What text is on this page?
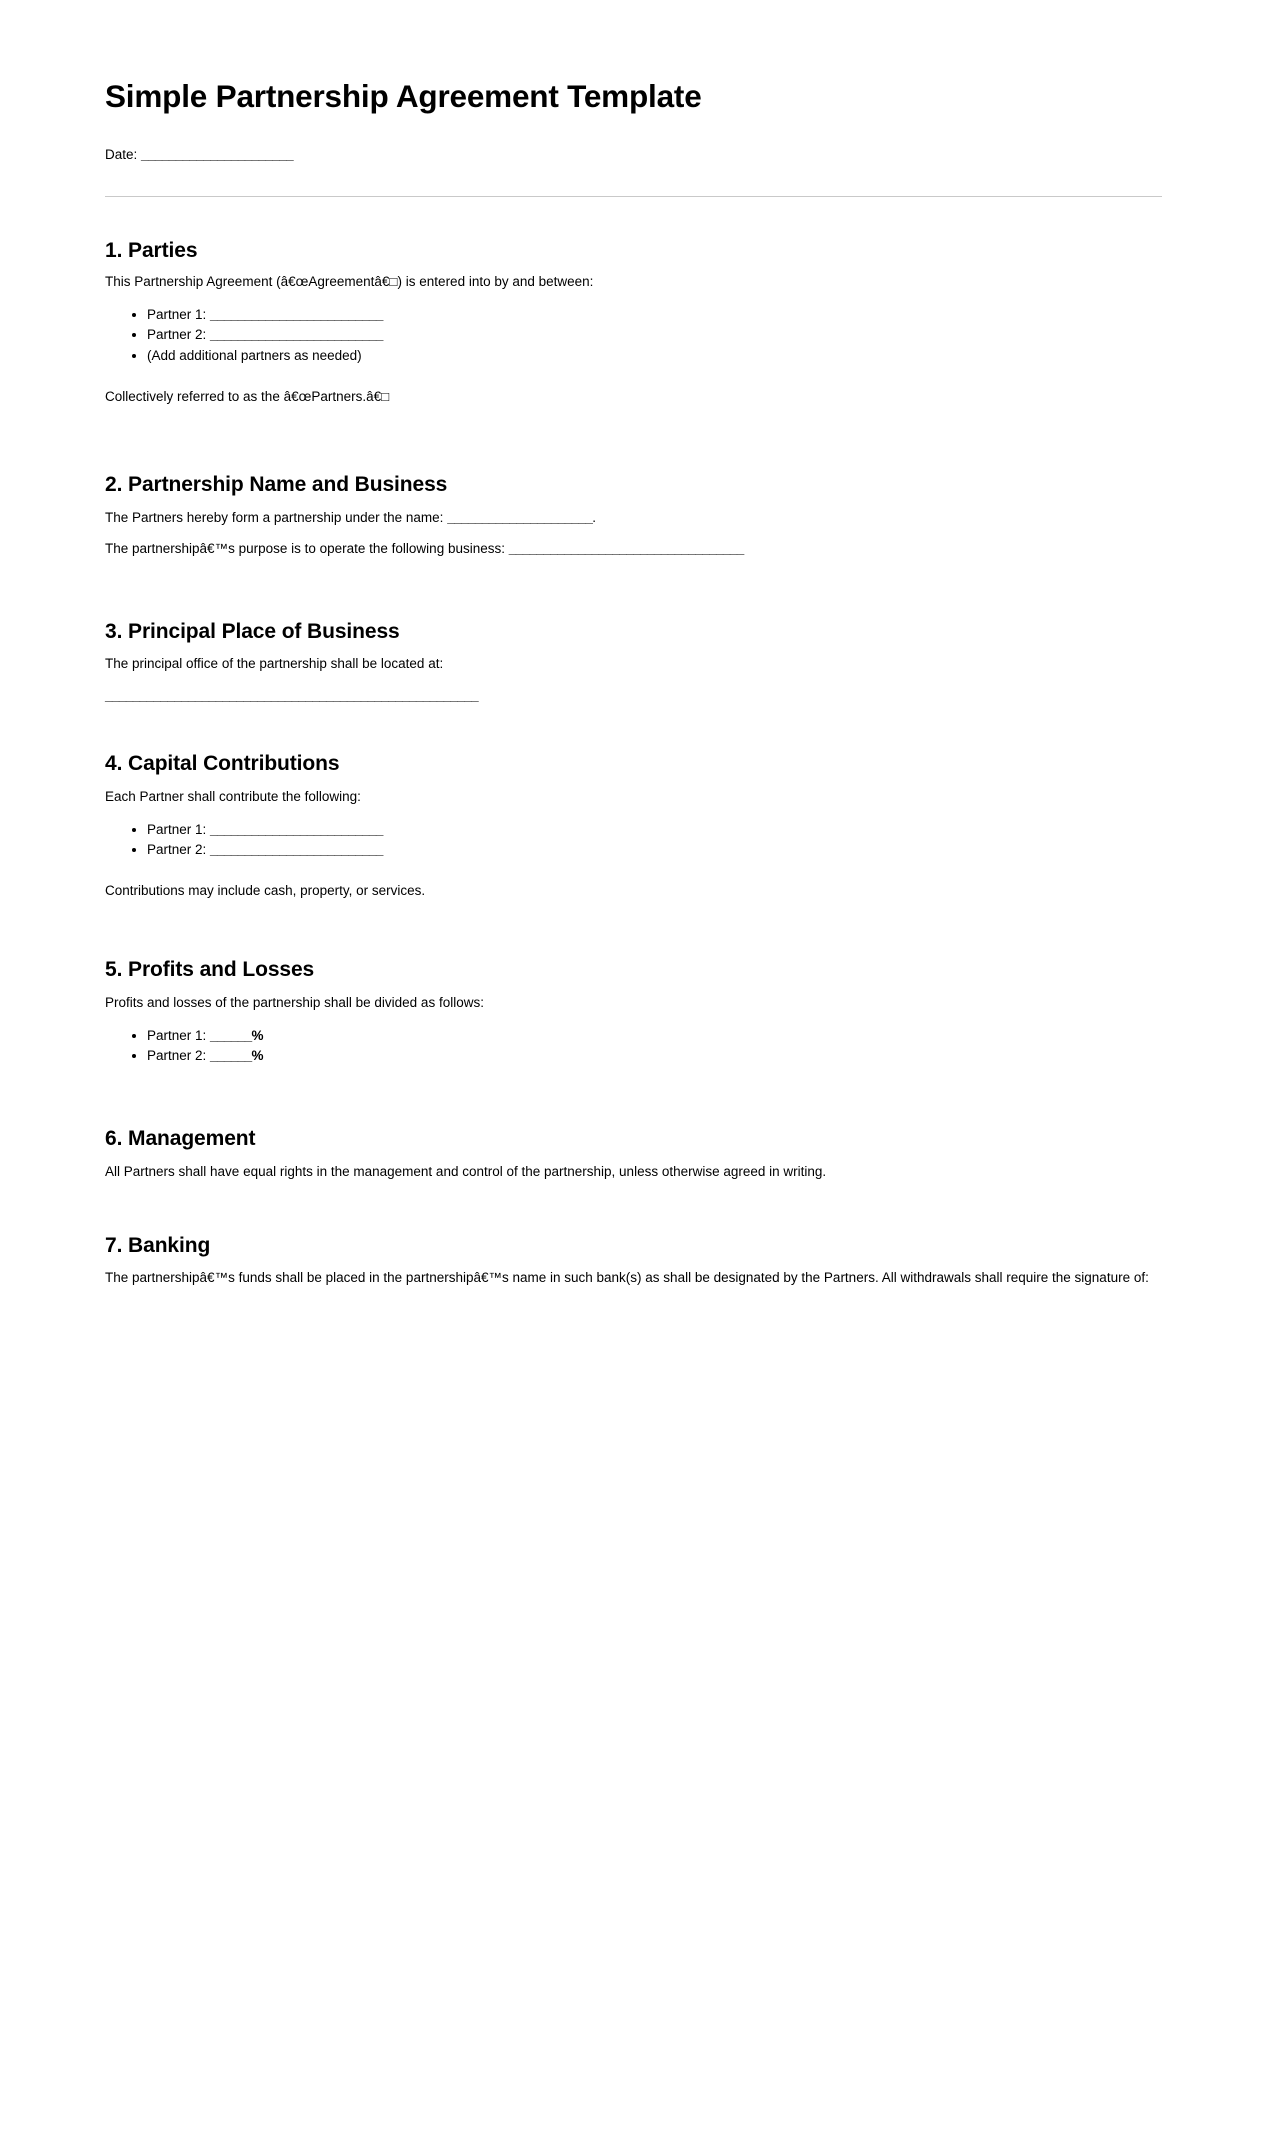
Simple Partnership Agreement Template
Date: ______________________
1. Parties
This Partnership Agreement (â€œAgreementâ€□) is entered into by and between:
• Partner 1: _________________________
• Partner 2: _________________________
• (Add additional partners as needed)
Collectively referred to as the â€œPartners.â€□
2. Partnership Name and Business
The Partners hereby form a partnership under the name: _____________________.
The partnershipâ€™s purpose is to operate the following business: __________________________________
3. Principal Place of Business
The principal office of the partnership shall be located at:
______________________________________________________
4. Capital Contributions
Each Partner shall contribute the following:
• Partner 1: _________________________
• Partner 2: _________________________
Contributions may include cash, property, or services.
5. Profits and Losses
Profits and losses of the partnership shall be divided as follows:
• Partner 1: ______%
• Partner 2: ______%
6. Management
All Partners shall have equal rights in the management and control of the partnership, unless otherwise agreed in writing.
7. Banking
The partnershipâ€™s funds shall be placed in the partnershipâ€™s name in such bank(s) as shall be designated by the Partners. All withdrawals shall require the signature of:
